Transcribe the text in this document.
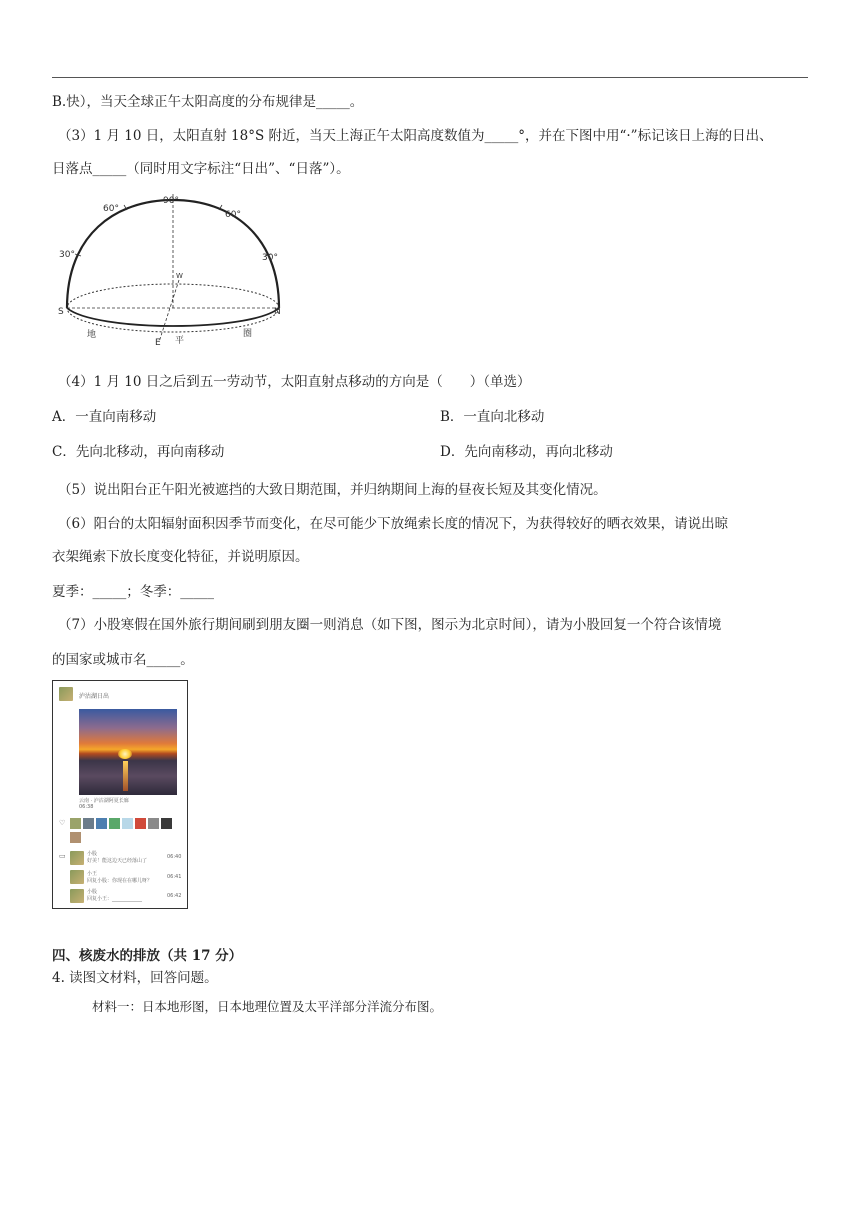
B.快），当天全球正午太阳高度的分布规律是_____。
（3）1 月 10 日，太阳直射 18°S 附近，当天上海正午太阳高度数值为_____°，并在下图中用“·”标记该日上海的日出、
日落点_____（同时用文字标注“日出”、“日落”）。
90°
60°
60°
30°	30°
W
S	N
E
地
平
圈
（4）1 月 10 日之后到五一劳动节，太阳直射点移动的方向是（　　）（单选）
A．一直向南移动	B．一直向北移动
C．先向北移动，再向南移动	D．先向南移动，再向北移动
（5）说出阳台正午阳光被遮挡的大致日期范围，并归纳期间上海的昼夜长短及其变化情况。
（6）阳台的太阳辐射面积因季节而变化，在尽可能少下放绳索长度的情况下，为获得较好的晒衣效果，请说出晾
衣架绳索下放长度变化特征，并说明原因。
夏季：_____；冬季：_____
（7）小股寒假在国外旅行期间刷到朋友圈一则消息（如下图，图示为北京时间），请为小股回复一个符合该情境
的国家或城市名_____。
泸沽湖日出
云南 · 泸沽湖阿夏长廊
06:38
♡
▭	小股
好美！能这边天已经落山了
06:40
小王
回复小股：你现在在哪儿呀？
06:41
小股
回复小王：____________	06:42
四、核废水的排放（共 17 分）
4. 读图文材料，回答问题。
材料一：日本地形图，日本地理位置及太平洋部分洋流分布图。
